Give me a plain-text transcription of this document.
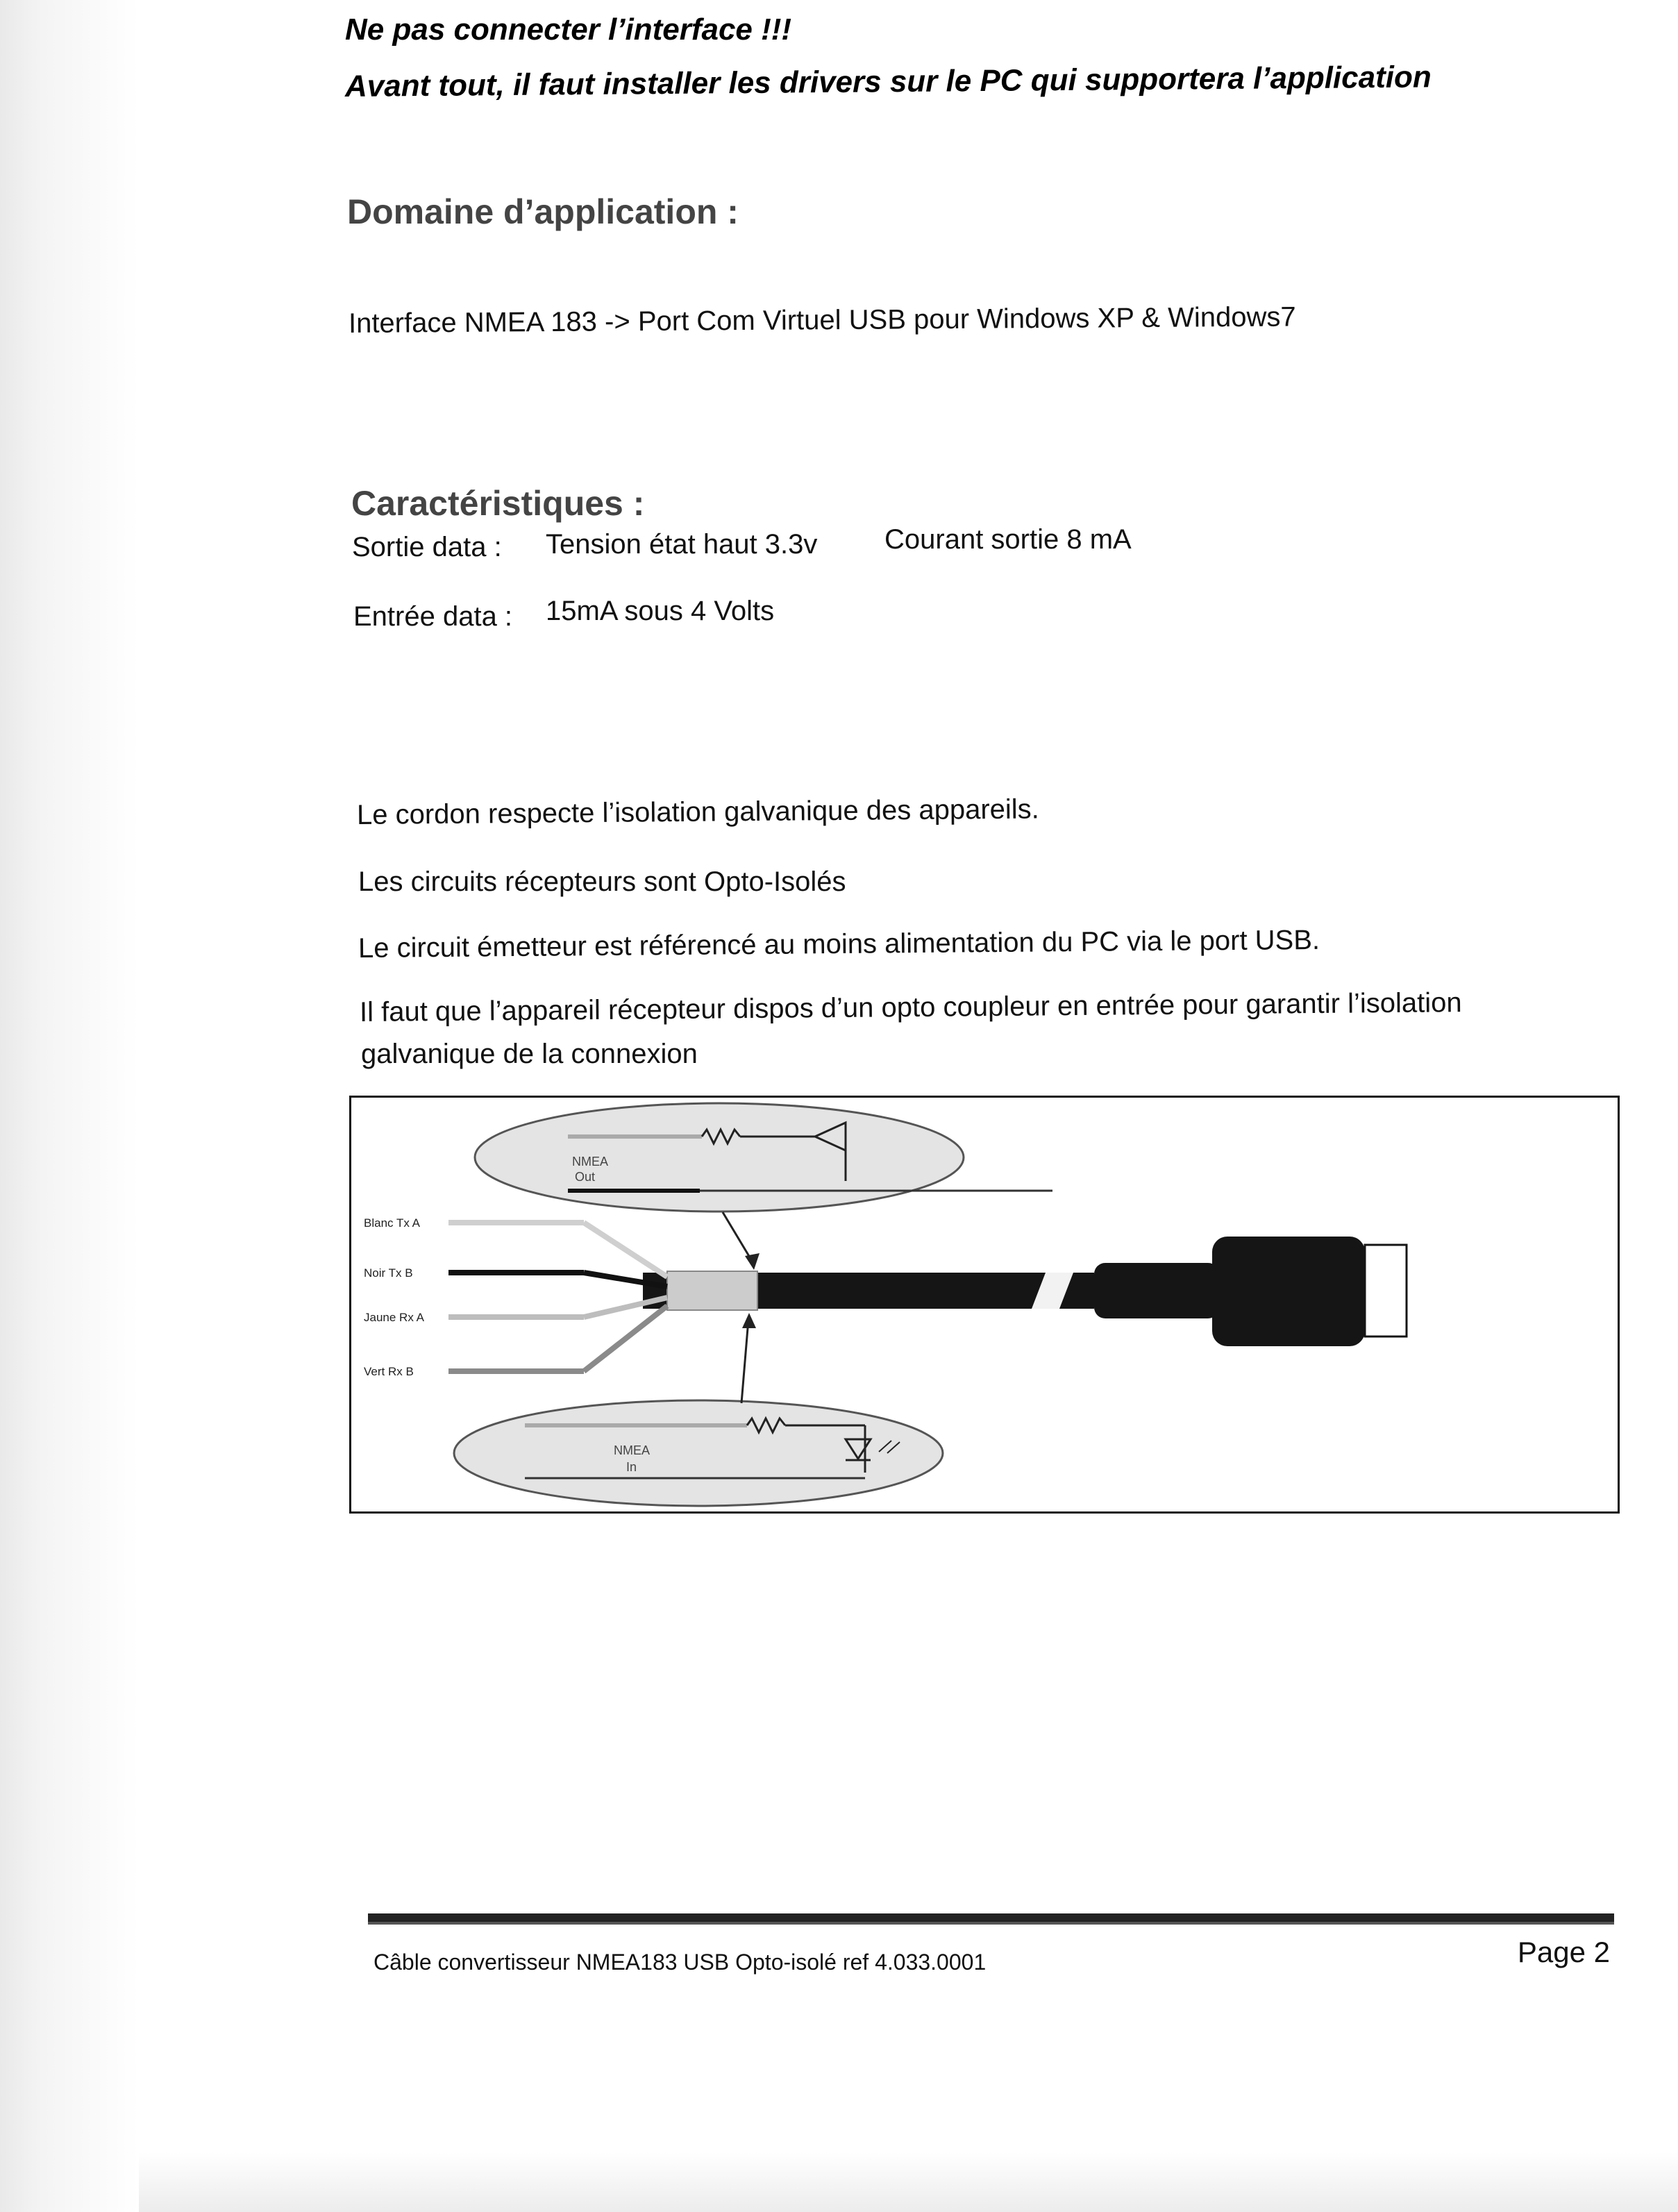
Ne pas connecter l’interface !!!
Avant tout, il faut installer les drivers sur le PC qui supportera l’application
Domaine d’application :
Interface NMEA 183 -> Port Com Virtuel USB pour Windows XP & Windows7
Caractéristiques :
Sortie data : Tension état haut 3.3v Courant sortie 8 mA
Entrée data : 15mA sous 4 Volts
Le cordon respecte l’isolation galvanique des appareils.
Les circuits récepteurs sont Opto-Isolés
Le circuit émetteur est référencé au moins alimentation du PC via le port USB.
Il faut que l’appareil récepteur dispos d’un opto coupleur en entrée pour garantir l’isolation
galvanique de la connexion
Blanc Tx A
Noir Tx B
Jaune Rx A
Vert Rx B
NMEA
Out
NMEA
In
Câble convertisseur NMEA183 USB Opto-isolé ref 4.033.0001	Page 2
